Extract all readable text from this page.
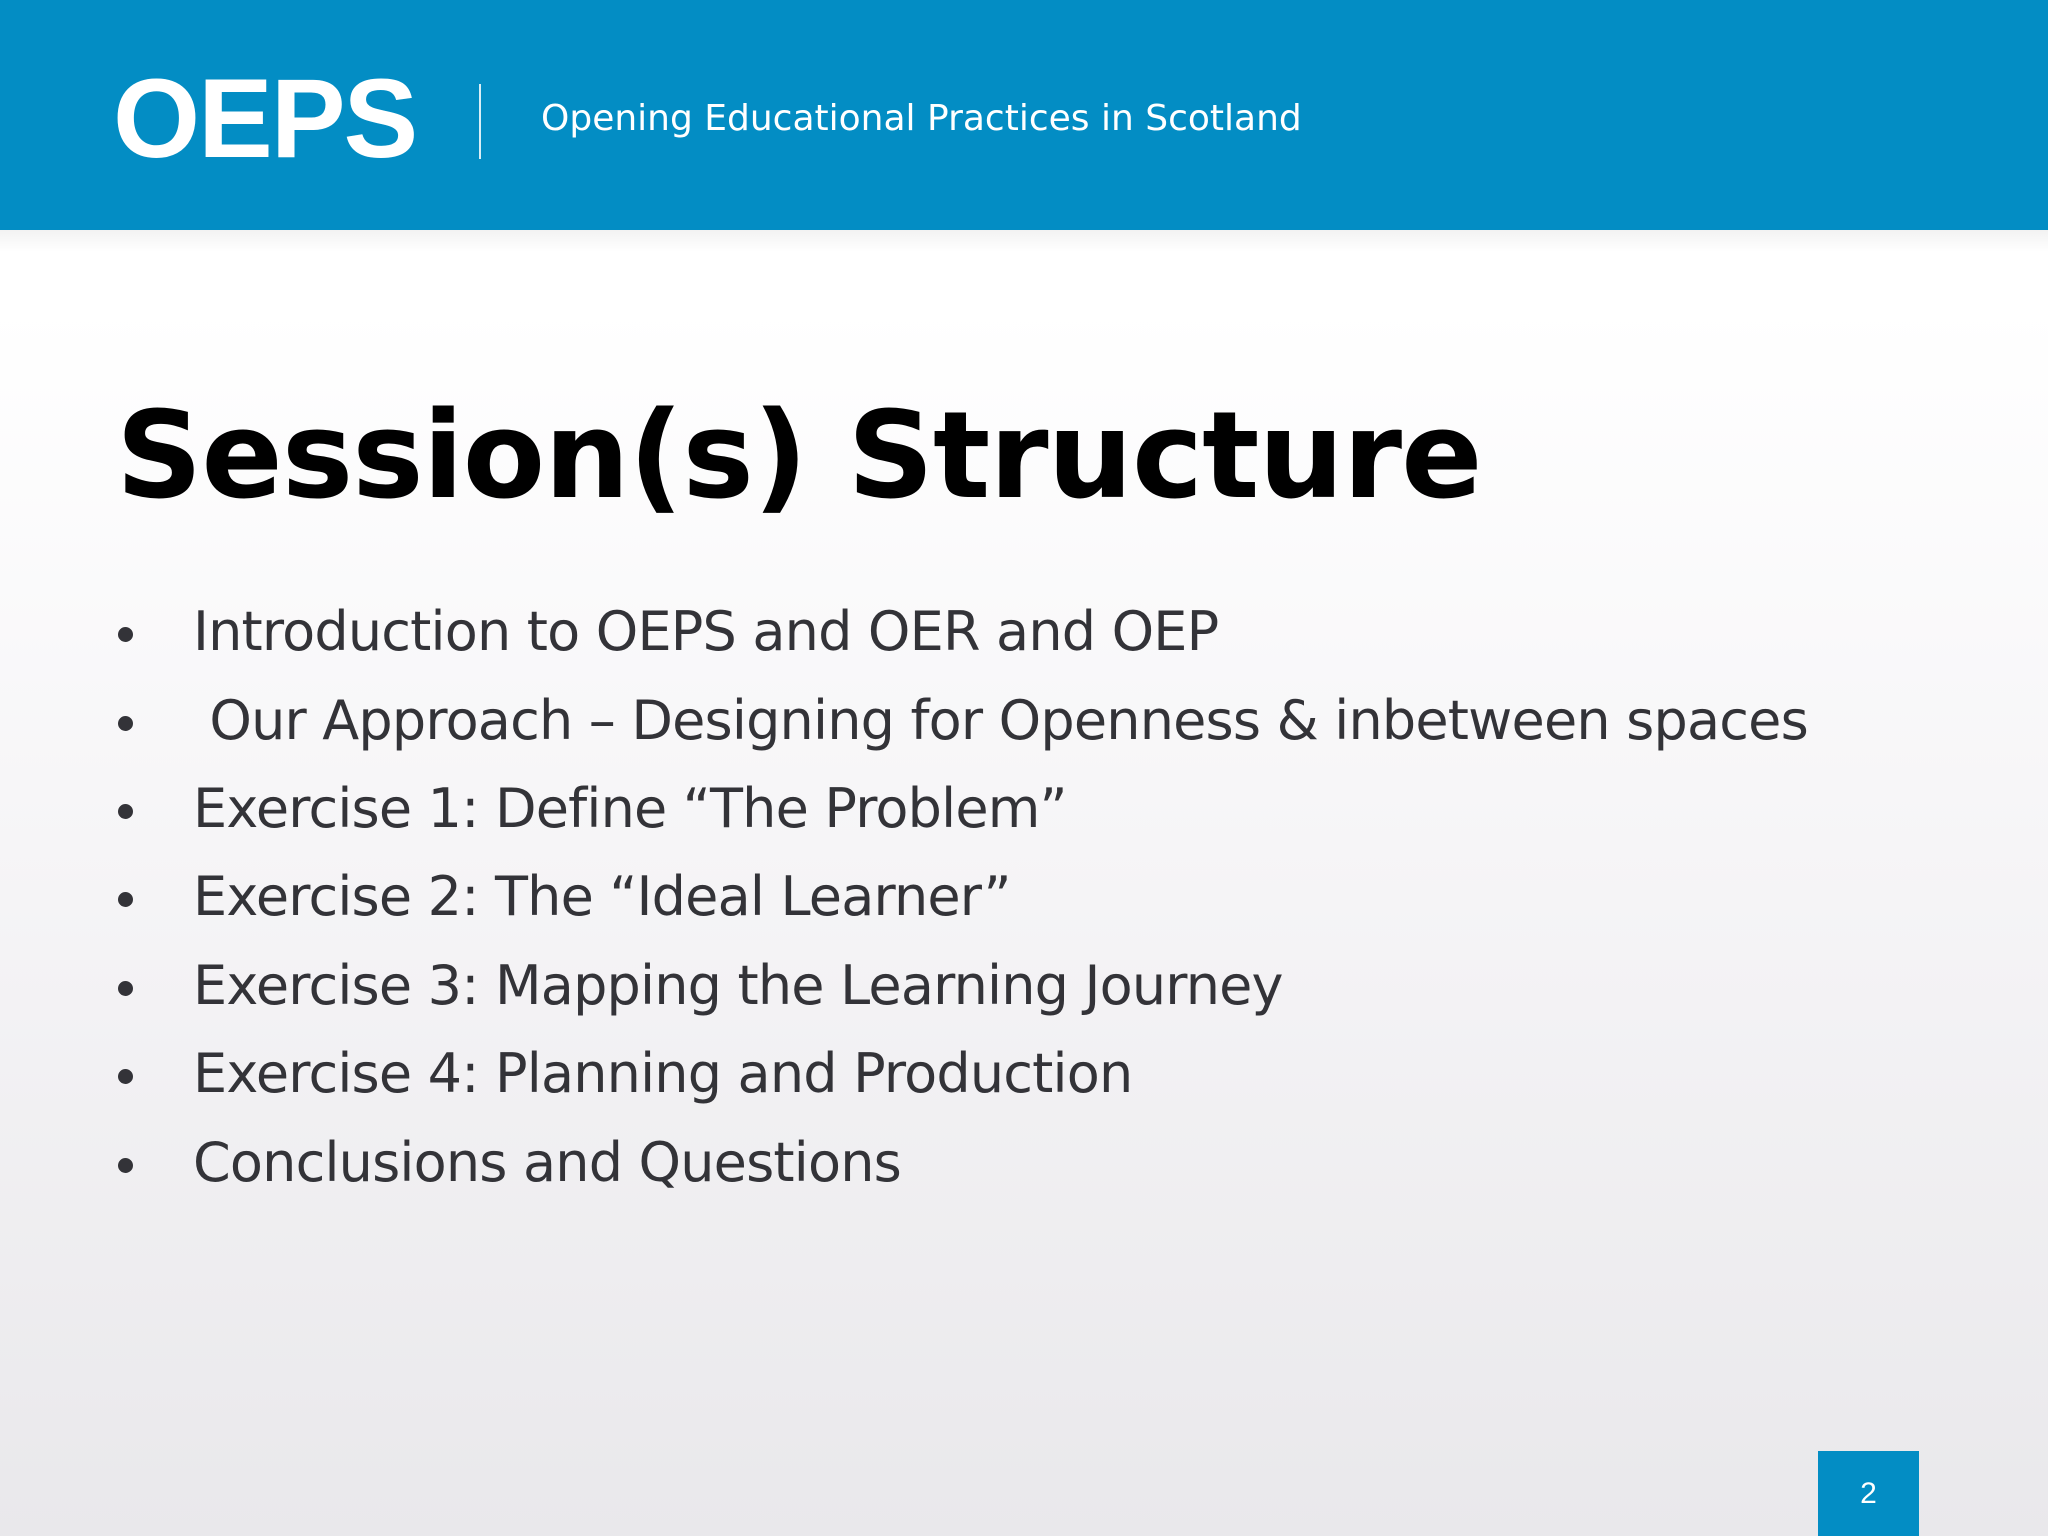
OEPS	Opening Educational Practices in Scotland
Session(s) Structure
Introduction to OEPS and OER and OEP
Our Approach – Designing for Openness & inbetween spaces
Exercise 1: Define “The Problem”
Exercise 2: The “Ideal Learner”
Exercise 3: Mapping the Learning Journey
Exercise 4: Planning and Production
Conclusions and Questions
2
